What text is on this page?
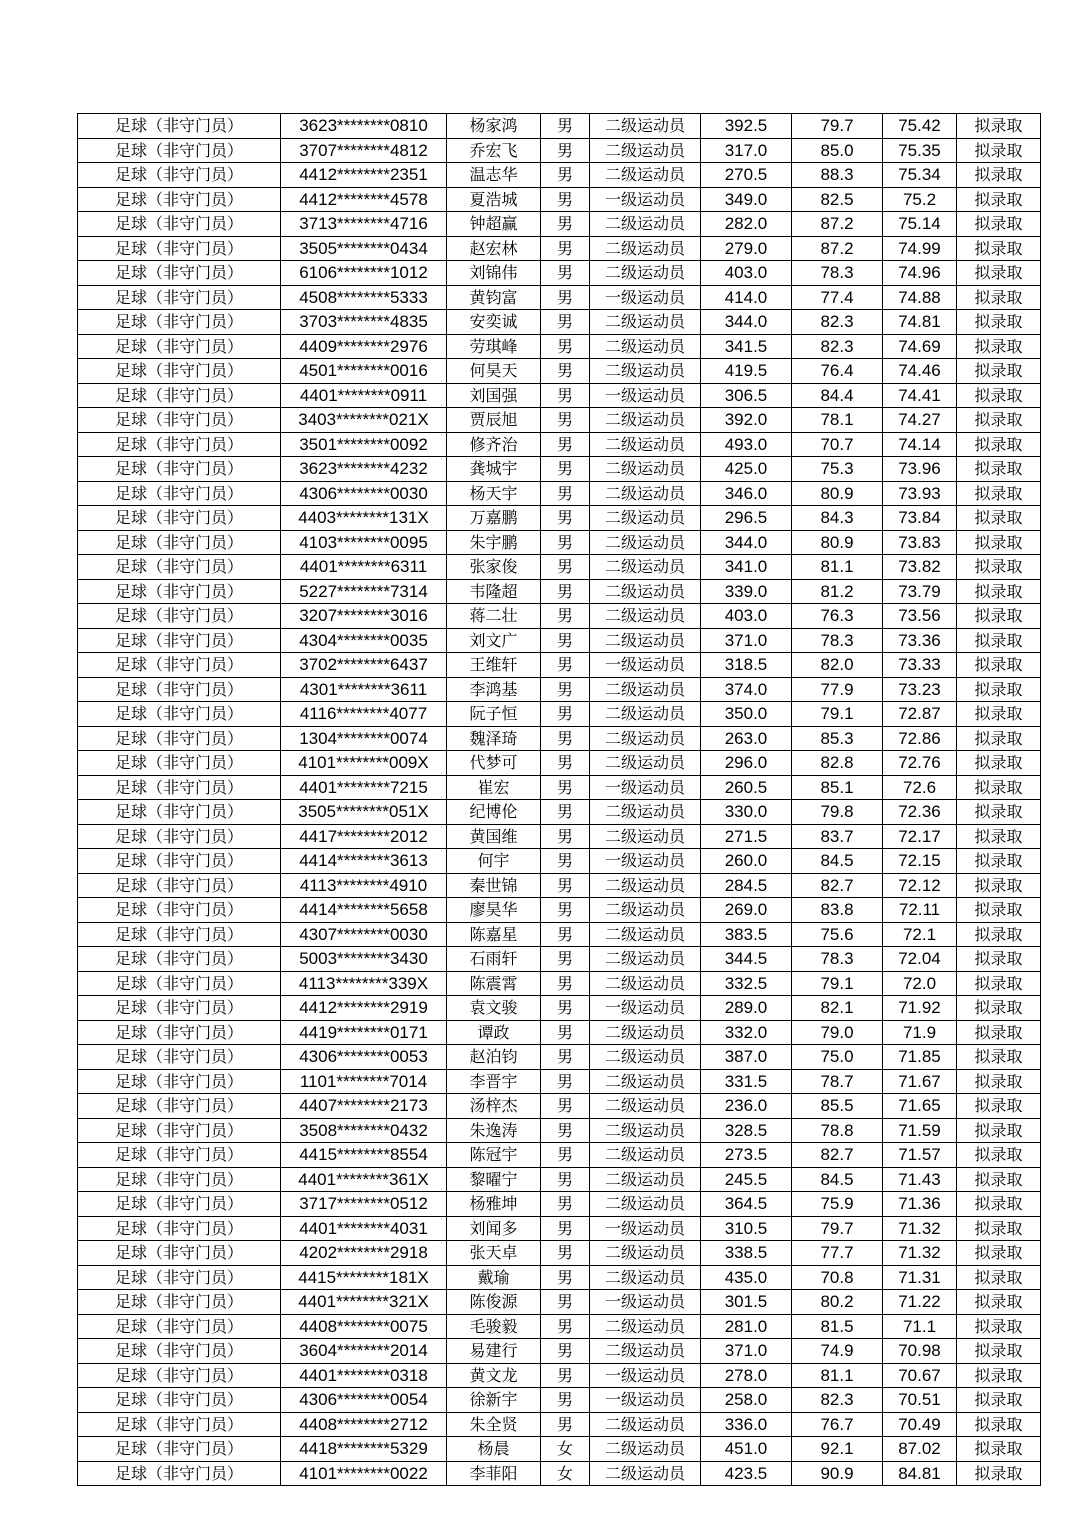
足球（非守门员）	3623********0810	杨家鸿	男	二级运动员	392.5	79.7	75.42	拟录取
足球（非守门员）	3707********4812	乔宏飞	男	二级运动员	317.0	85.0	75.35	拟录取
足球（非守门员）	4412********2351	温志华	男	二级运动员	270.5	88.3	75.34	拟录取
足球（非守门员）	4412********4578	夏浩城	男	一级运动员	349.0	82.5	75.2	拟录取
足球（非守门员）	3713********4716	钟超赢	男	二级运动员	282.0	87.2	75.14	拟录取
足球（非守门员）	3505********0434	赵宏林	男	二级运动员	279.0	87.2	74.99	拟录取
足球（非守门员）	6106********1012	刘锦伟	男	二级运动员	403.0	78.3	74.96	拟录取
足球（非守门员）	4508********5333	黄钧富	男	一级运动员	414.0	77.4	74.88	拟录取
足球（非守门员）	3703********4835	安奕诚	男	二级运动员	344.0	82.3	74.81	拟录取
足球（非守门员）	4409********2976	劳琪峰	男	二级运动员	341.5	82.3	74.69	拟录取
足球（非守门员）	4501********0016	何昊天	男	二级运动员	419.5	76.4	74.46	拟录取
足球（非守门员）	4401********0911	刘国强	男	一级运动员	306.5	84.4	74.41	拟录取
足球（非守门员）	3403********021X	贾辰旭	男	二级运动员	392.0	78.1	74.27	拟录取
足球（非守门员）	3501********0092	修齐治	男	二级运动员	493.0	70.7	74.14	拟录取
足球（非守门员）	3623********4232	龚城宇	男	二级运动员	425.0	75.3	73.96	拟录取
足球（非守门员）	4306********0030	杨天宇	男	二级运动员	346.0	80.9	73.93	拟录取
足球（非守门员）	4403********131X	万嘉鹏	男	二级运动员	296.5	84.3	73.84	拟录取
足球（非守门员）	4103********0095	朱宇鹏	男	二级运动员	344.0	80.9	73.83	拟录取
足球（非守门员）	4401********6311	张家俊	男	二级运动员	341.0	81.1	73.82	拟录取
足球（非守门员）	5227********7314	韦隆超	男	二级运动员	339.0	81.2	73.79	拟录取
足球（非守门员）	3207********3016	蒋二壮	男	二级运动员	403.0	76.3	73.56	拟录取
足球（非守门员）	4304********0035	刘文广	男	二级运动员	371.0	78.3	73.36	拟录取
足球（非守门员）	3702********6437	王维轩	男	一级运动员	318.5	82.0	73.33	拟录取
足球（非守门员）	4301********3611	李鸿基	男	二级运动员	374.0	77.9	73.23	拟录取
足球（非守门员）	4116********4077	阮子恒	男	二级运动员	350.0	79.1	72.87	拟录取
足球（非守门员）	1304********0074	魏泽琦	男	二级运动员	263.0	85.3	72.86	拟录取
足球（非守门员）	4101********009X	代梦可	男	二级运动员	296.0	82.8	72.76	拟录取
足球（非守门员）	4401********7215	崔宏	男	一级运动员	260.5	85.1	72.6	拟录取
足球（非守门员）	3505********051X	纪博伦	男	二级运动员	330.0	79.8	72.36	拟录取
足球（非守门员）	4417********2012	黄国维	男	二级运动员	271.5	83.7	72.17	拟录取
足球（非守门员）	4414********3613	何宇	男	一级运动员	260.0	84.5	72.15	拟录取
足球（非守门员）	4113********4910	秦世锦	男	二级运动员	284.5	82.7	72.12	拟录取
足球（非守门员）	4414********5658	廖昊华	男	二级运动员	269.0	83.8	72.11	拟录取
足球（非守门员）	4307********0030	陈嘉星	男	二级运动员	383.5	75.6	72.1	拟录取
足球（非守门员）	5003********3430	石雨轩	男	二级运动员	344.5	78.3	72.04	拟录取
足球（非守门员）	4113********339X	陈震霄	男	二级运动员	332.5	79.1	72.0	拟录取
足球（非守门员）	4412********2919	袁文骏	男	一级运动员	289.0	82.1	71.92	拟录取
足球（非守门员）	4419********0171	谭政	男	二级运动员	332.0	79.0	71.9	拟录取
足球（非守门员）	4306********0053	赵泊钧	男	二级运动员	387.0	75.0	71.85	拟录取
足球（非守门员）	1101********7014	李晋宇	男	二级运动员	331.5	78.7	71.67	拟录取
足球（非守门员）	4407********2173	汤梓杰	男	二级运动员	236.0	85.5	71.65	拟录取
足球（非守门员）	3508********0432	朱逸涛	男	二级运动员	328.5	78.8	71.59	拟录取
足球（非守门员）	4415********8554	陈冠宇	男	二级运动员	273.5	82.7	71.57	拟录取
足球（非守门员）	4401********361X	黎曜宁	男	二级运动员	245.5	84.5	71.43	拟录取
足球（非守门员）	3717********0512	杨雅坤	男	二级运动员	364.5	75.9	71.36	拟录取
足球（非守门员）	4401********4031	刘闻多	男	一级运动员	310.5	79.7	71.32	拟录取
足球（非守门员）	4202********2918	张天卓	男	二级运动员	338.5	77.7	71.32	拟录取
足球（非守门员）	4415********181X	戴瑜	男	二级运动员	435.0	70.8	71.31	拟录取
足球（非守门员）	4401********321X	陈俊源	男	一级运动员	301.5	80.2	71.22	拟录取
足球（非守门员）	4408********0075	毛骏毅	男	二级运动员	281.0	81.5	71.1	拟录取
足球（非守门员）	3604********2014	易建行	男	二级运动员	371.0	74.9	70.98	拟录取
足球（非守门员）	4401********0318	黄文龙	男	一级运动员	278.0	81.1	70.67	拟录取
足球（非守门员）	4306********0054	徐新宇	男	一级运动员	258.0	82.3	70.51	拟录取
足球（非守门员）	4408********2712	朱全贤	男	二级运动员	336.0	76.7	70.49	拟录取
足球（非守门员）	4418********5329	杨晨	女	二级运动员	451.0	92.1	87.02	拟录取
足球（非守门员）	4101********0022	李菲阳	女	二级运动员	423.5	90.9	84.81	拟录取
